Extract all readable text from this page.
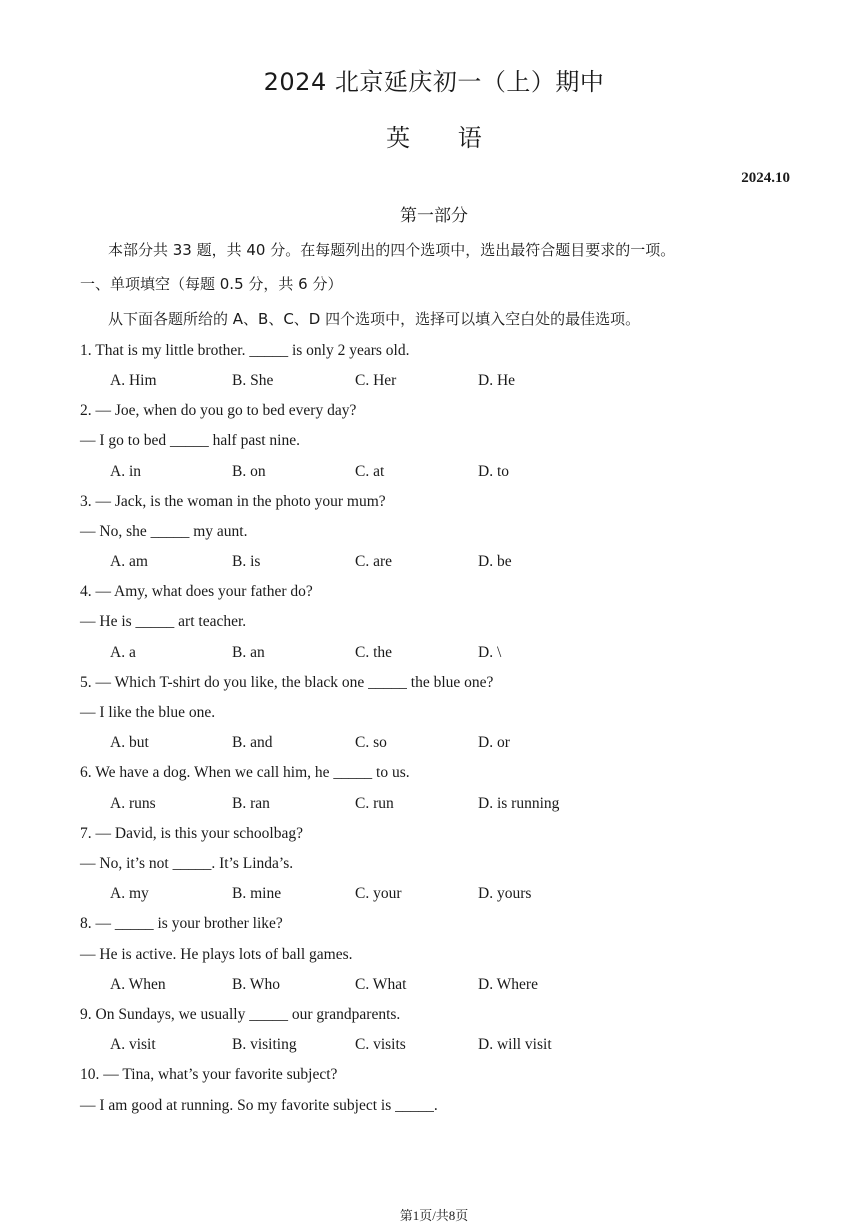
2024 北京延庆初一（上）期中
英 语
2024.10
第一部分
本部分共 33 题，共 40 分。在每题列出的四个选项中，选出最符合题目要求的一项。
一、单项填空（每题 0.5 分，共 6 分）
从下面各题所给的 A、B、C、D 四个选项中，选择可以填入空白处的最佳选项。
1. That is my little brother. _____ is only 2 years old.
A. Him	B. She	C. Her	D. He
2. — Joe, when do you go to bed every day?
— I go to bed _____ half past nine.
A. in	B. on	C. at	D. to
3. — Jack, is the woman in the photo your mum?
— No, she _____ my aunt.
A. am	B. is	C. are	D. be
4. — Amy, what does your father do?
— He is _____ art teacher.
A. a	B. an	C. the	D. \
5. — Which T-shirt do you like, the black one _____ the blue one?
— I like the blue one.
A. but	B. and	C. so	D. or
6. We have a dog. When we call him, he _____ to us.
A. runs	B. ran	C. run	D. is running
7. — David, is this your schoolbag?
— No, it’s not _____. It’s Linda’s.
A. my	B. mine	C. your	D. yours
8. — _____ is your brother like?
— He is active. He plays lots of ball games.
A. When	B. Who	C. What	D. Where
9. On Sundays, we usually _____ our grandparents.
A. visit	B. visiting	C. visits	D. will visit
10. — Tina, what’s your favorite subject?
— I am good at running. So my favorite subject is _____.
第1页/共8页
